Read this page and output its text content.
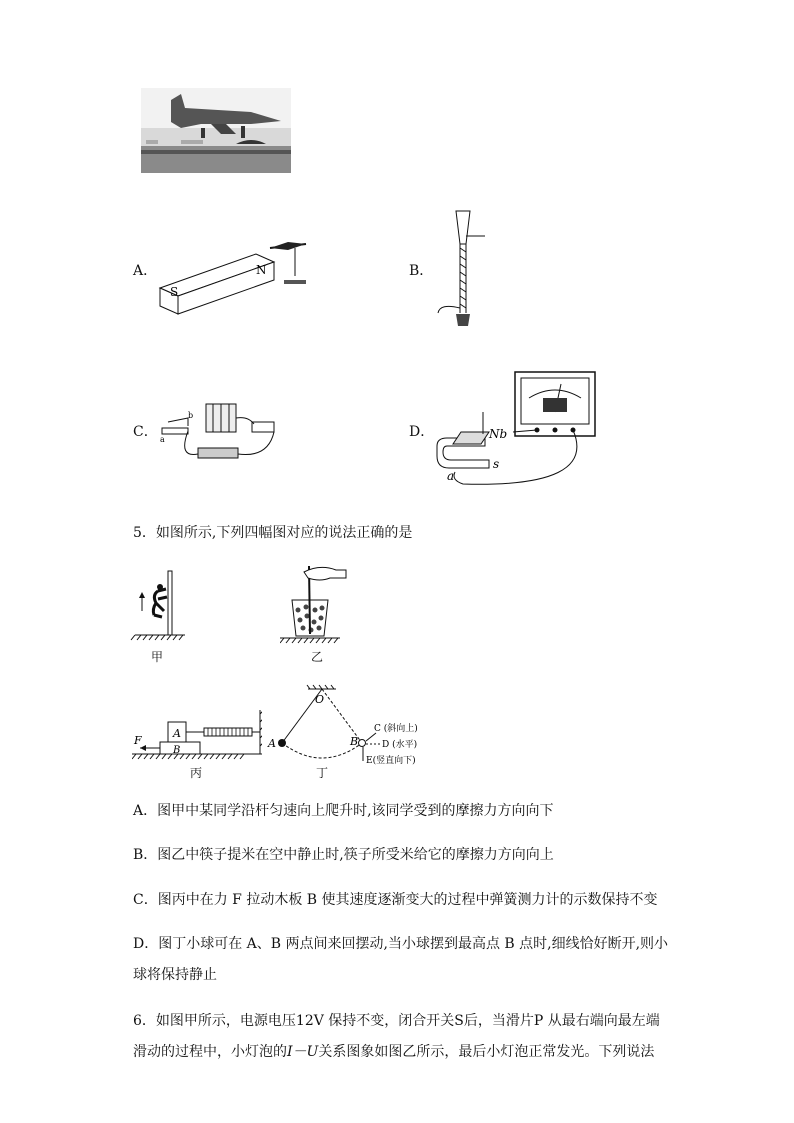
A．
S
N	B．
C． a
b
D．	Nb
s
a
5．如图所示,下列四幅图对应的说法正确的是
甲	乙
A
B
F
丙
O
A	B
C (斜向上)
D (水平)
E(竖直向下)
丁
A．图甲中某同学沿杆匀速向上爬升时,该同学受到的摩擦力方向向下
B．图乙中筷子提米在空中静止时,筷子所受米给它的摩擦力方向向上
C．图丙中在力 F 拉动木板 B 使其速度逐渐变大的过程中弹簧测力计的示数保持不变
D．图丁小球可在 A、B 两点间来回摆动,当小球摆到最高点 B 点时,细线恰好断开,则小
球将保持静止
6．如图甲所示，电源电压12V 保持不变，闭合开关S后，当滑片P 从最右端向最左端
滑动的过程中，小灯泡的I－U关系图象如图乙所示，最后小灯泡正常发光。下列说法
